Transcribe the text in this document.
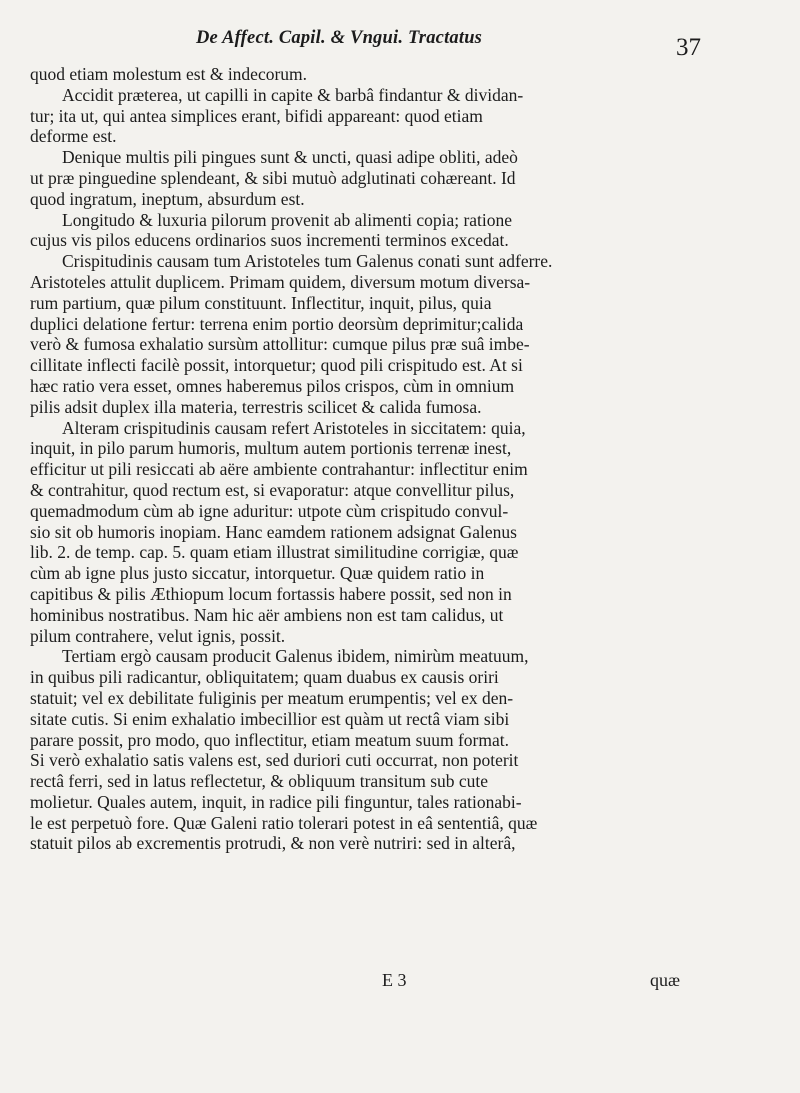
De Affect. Capil. & Vngui. Tractatus	37
quod etiam molestum est & indecorum.
Accidit præterea, ut capilli in capite & barbâ findantur & dividan-
tur; ita ut, qui antea simplices erant, bifidi appareant: quod etiam
deforme est.
Denique multis pili pingues sunt & uncti, quasi adipe obliti, adeò
ut præ pinguedine splendeant, & sibi mutuò adglutinati cohæreant. Id
quod ingratum, ineptum, absurdum est.
Longitudo & luxuria pilorum provenit ab alimenti copia; ratione
cujus vis pilos educens ordinarios suos incrementi terminos excedat.
Crispitudinis causam tum Aristoteles tum Galenus conati sunt adferre.
Aristoteles attulit duplicem. Primam quidem, diversum motum diversa-
rum partium, quæ pilum constituunt. Inflectitur, inquit, pilus, quia
duplici delatione fertur: terrena enim portio deorsùm deprimitur;calida
verò & fumosa exhalatio sursùm attollitur: cumque pilus præ suâ imbe-
cillitate inflecti facilè possit, intorquetur; quod pili crispitudo est. At si
hæc ratio vera esset, omnes haberemus pilos crispos, cùm in omnium
pilis adsit duplex illa materia, terrestris scilicet & calida fumosa.
Alteram crispitudinis causam refert Aristoteles in siccitatem: quia,
inquit, in pilo parum humoris, multum autem portionis terrenæ inest,
efficitur ut pili resiccati ab aëre ambiente contrahantur: inflectitur enim
& contrahitur, quod rectum est, si evaporatur: atque convellitur pilus,
quemadmodum cùm ab igne aduritur: utpote cùm crispitudo convul-
sio sit ob humoris inopiam. Hanc eamdem rationem adsignat Galenus
lib. 2. de temp. cap. 5. quam etiam illustrat similitudine corrigiæ, quæ
cùm ab igne plus justo siccatur, intorquetur. Quæ quidem ratio in
capitibus & pilis Æthiopum locum fortassis habere possit, sed non in
hominibus nostratibus. Nam hic aër ambiens non est tam calidus, ut
pilum contrahere, velut ignis, possit.
Tertiam ergò causam producit Galenus ibidem, nimirùm meatuum,
in quibus pili radicantur, obliquitatem; quam duabus ex causis oriri
statuit; vel ex debilitate fuliginis per meatum erumpentis; vel ex den-
sitate cutis. Si enim exhalatio imbecillior est quàm ut rectâ viam sibi
parare possit, pro modo, quo inflectitur, etiam meatum suum format.
Si verò exhalatio satis valens est, sed duriori cuti occurrat, non poterit
rectâ ferri, sed in latus reflectetur, & obliquum transitum sub cute
molietur. Quales autem, inquit, in radice pili finguntur, tales rationabi-
le est perpetuò fore. Quæ Galeni ratio tolerari potest in eâ sententiâ, quæ
statuit pilos ab excrementis protrudi, & non verè nutriri: sed in alterâ,
E 3	quæ
